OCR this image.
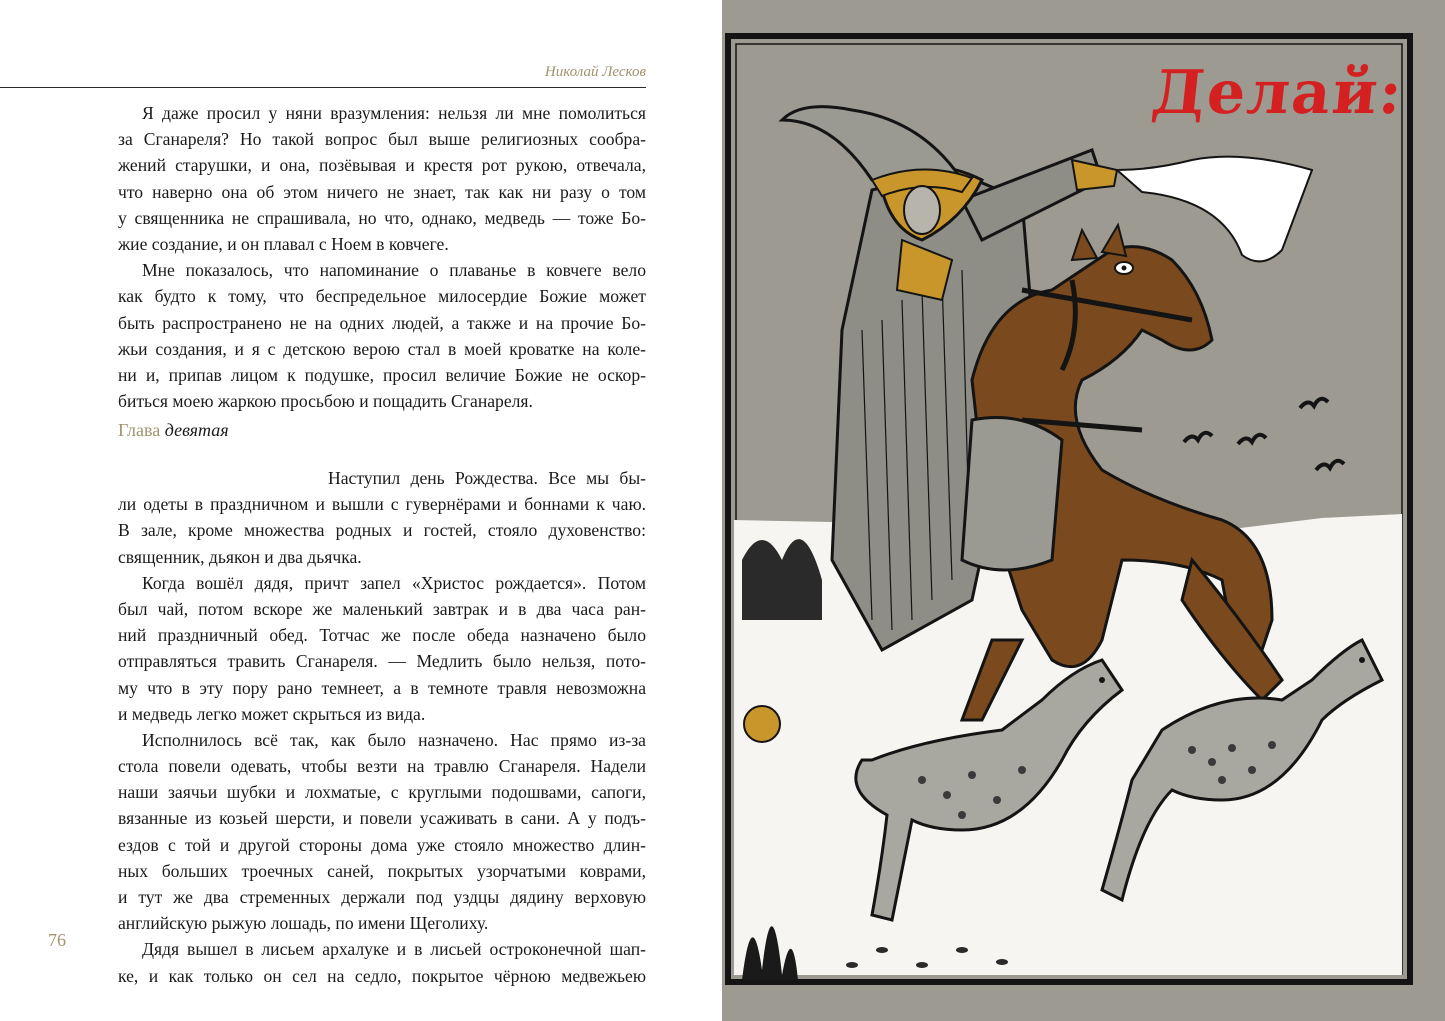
Николай Лесков
Я даже просил у няни вразумления: нельзя ли мне помолиться
за Сганареля? Но такой вопрос был выше религиозных сообра-
жений старушки, и она, позёвывая и крестя рот рукою, отвечала,
что наверно она об этом ничего не знает, так как ни разу о том
у священника не спрашивала, но что, однако, медведь — тоже Бо-
жие создание, и он плавал с Ноем в ковчеге.
Мне показалось, что напоминание о плаванье в ковчеге вело
как будто к тому, что беспредельное милосердие Божие может
быть распространено не на одних людей, а также и на прочие Бо-
жьи создания, и я с детскою верою стал в моей кроватке на коле-
ни и, припав лицом к подушке, просил величие Божие не оскор-
биться моею жаркою просьбою и пощадить Сганареля.
Глава девятая
Наступил день Рождества. Все мы бы-
ли одеты в праздничном и вышли с гувернёрами и боннами к чаю.
В зале, кроме множества родных и гостей, стояло духовенство:
священник, дьякон и два дьячка.
Когда вошёл дядя, причт запел «Христос рождается». Потом
был чай, потом вскоре же маленький завтрак и в два часа ран-
ний праздничный обед. Тотчас же после обеда назначено было
отправляться травить Сганареля. — Медлить было нельзя, пото-
му что в эту пору рано темнеет, а в темноте травля невозможна
и медведь легко может скрыться из вида.
Исполнилось всё так, как было назначено. Нас прямо из-за
стола повели одевать, чтобы везти на травлю Сганареля. Надели
наши заячьи шубки и лохматые, с круглыми подошвами, сапоги,
вязанные из козьей шерсти, и повели усаживать в сани. А у подъ-
ездов с той и другой стороны дома уже стояло множество длин-
ных больших троечных саней, покрытых узорчатыми коврами,
и тут же два стременных держали под уздцы дядину верховую
английскую рыжую лошадь, по имени Щеголиху.
Дядя вышел в лисьем архалуке и в лисьей остроконечной шап-
ке, и как только он сел на седло, покрытое чёрною медвежьею
76
Делай:
